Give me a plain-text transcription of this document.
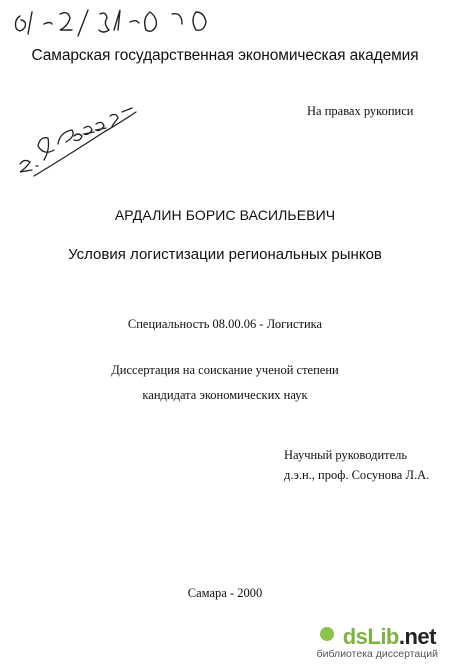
Самарская государственная экономическая академия
На правах рукописи
АРДАЛИН БОРИС ВАСИЛЬЕВИЧ
Условия логистизации региональных рынков
Специальность 08.00.06 - Логистика
Диссертация на соискание ученой степени
кандидата экономических наук
Научный руководитель
д.э.н., проф. Сосунова Л.А.
Самара - 2000
dsLib.net
библиотека диссертаций
